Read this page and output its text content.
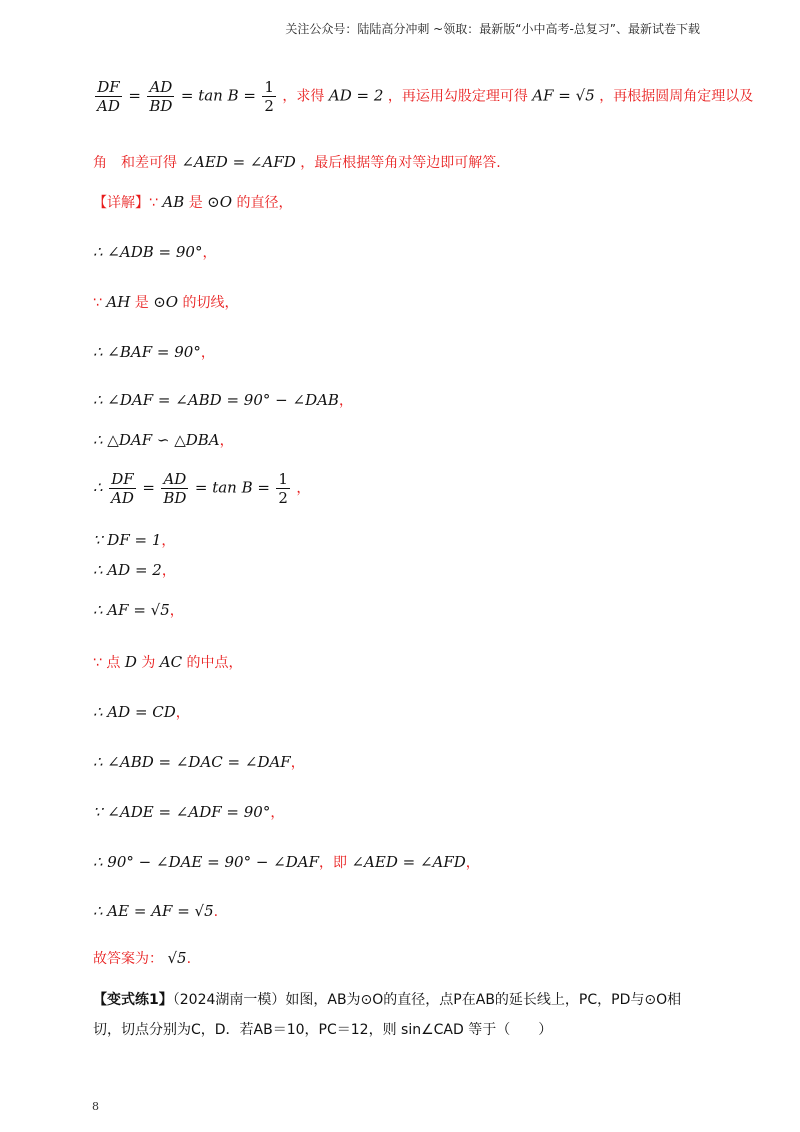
关注公众号：陆陆高分冲刺 ~领取：最新版“小中高考-总复习”、最新试卷下载
$\frac{DF}{AD} = \frac{AD}{BD} = \tan B = \frac{1}{2}$ ，求得 AD = 2 ，再运用勾股定理可得 AF = √5 ，再根据圆周角定理以及
角　和差可得 ∠AED = ∠AFD ，最后根据等角对等边即可解答.
【详解】∵ AB 是 ⊙O 的直径，
∴ ∠ADB = 90°，
∵ AH 是 ⊙O 的切线，
∴ ∠BAF = 90°，
∴ ∠DAF = ∠ABD = 90° − ∠DAB，
∴ △DAF ∽ △DBA，
∴ $\frac{DF}{AD} = \frac{AD}{BD} = \tan B = \frac{1}{2}$ ，
∵ DF = 1，
∴ AD = 2，
∴ AF = √5，
∵ 点 D 为 AC 的中点，
∴ AD = CD，
∴ ∠ABD = ∠DAC = ∠DAF，
∵ ∠ADE = ∠ADF = 90°，
∴ 90° − ∠DAE = 90° − ∠DAF，即 ∠AED = ∠AFD，
∴ AE = AF = √5.
故答案为： √5.
【变式练1】（2024湖南一模）如图，AB为⊙O的直径，点P在AB的延长线上，PC，PD与⊙O相
切，切点分别为C，D．若AB＝10，PC＝12，则 sin∠CAD 等于（　　）
8
